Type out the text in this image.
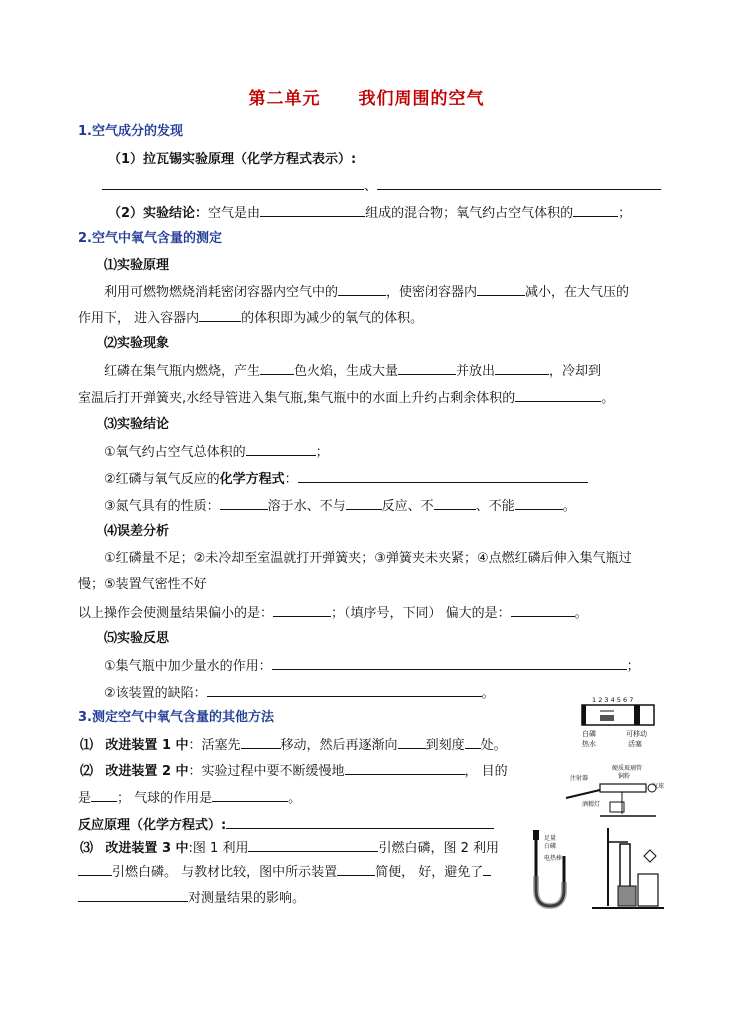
第二单元 我们周围的空气
1.空气成分的发现
（1）拉瓦锡实验原理（化学方程式表示）:
、
（2）实验结论：空气是由	组成的混合物；氧气约占空气体积的	；
2.空气中氧气含量的测定
⑴实验原理
利用可燃物燃烧消耗密闭容器内空气中的	，使密闭容器内	减小，在大气压的
作用下， 进入容器内	的体积即为减少的氧气的体积。
⑵实验现象
红磷在集气瓶内燃烧，产生	色火焰，生成大量	并放出	，冷却到
室温后打开弹簧夹,水经导管进入集气瓶,集气瓶中的水面上升约占剩余体积的	。
⑶实验结论
①氧气约占空气总体积的	；
②红磷与氧气反应的化学方程式：
③氮气具有的性质：	溶于水、不与	反应、不	、不能	。
⑷误差分析
①红磷量不足；②未冷却至室温就打开弹簧夹；③弹簧夹未夹紧；④点燃红磷后伸入集气瓶过
慢；⑤装置气密性不好
以上操作会使测量结果偏小的是：	；（填序号，下同） 偏大的是：	。
⑸实验反思
①集气瓶中加少量水的作用：	；
②该装置的缺陷：	。
3.测定空气中氧气含量的其他方法
⑴ 改进装置 1 中：活塞先	移动，然后再逐渐向 到刻度 处。
⑵ 改进装置 2 中：实验过程中要不断缓慢地	， 目的
是 ； 气球的作用是	。
反应原理（化学方程式）:
⑶ 改进装置 3 中:图 1 利用	引燃白磷，图 2 利用
引燃白磷。 与教材比较，图中所示装置	简便， 好，避免了
对测量结果的影响。
1 2 3 4 5 6 7
白磷
热水
可移动
活塞
硬质玻璃管
铜粉
注射器
气球
酒精灯
足量
白磷
电热棒
